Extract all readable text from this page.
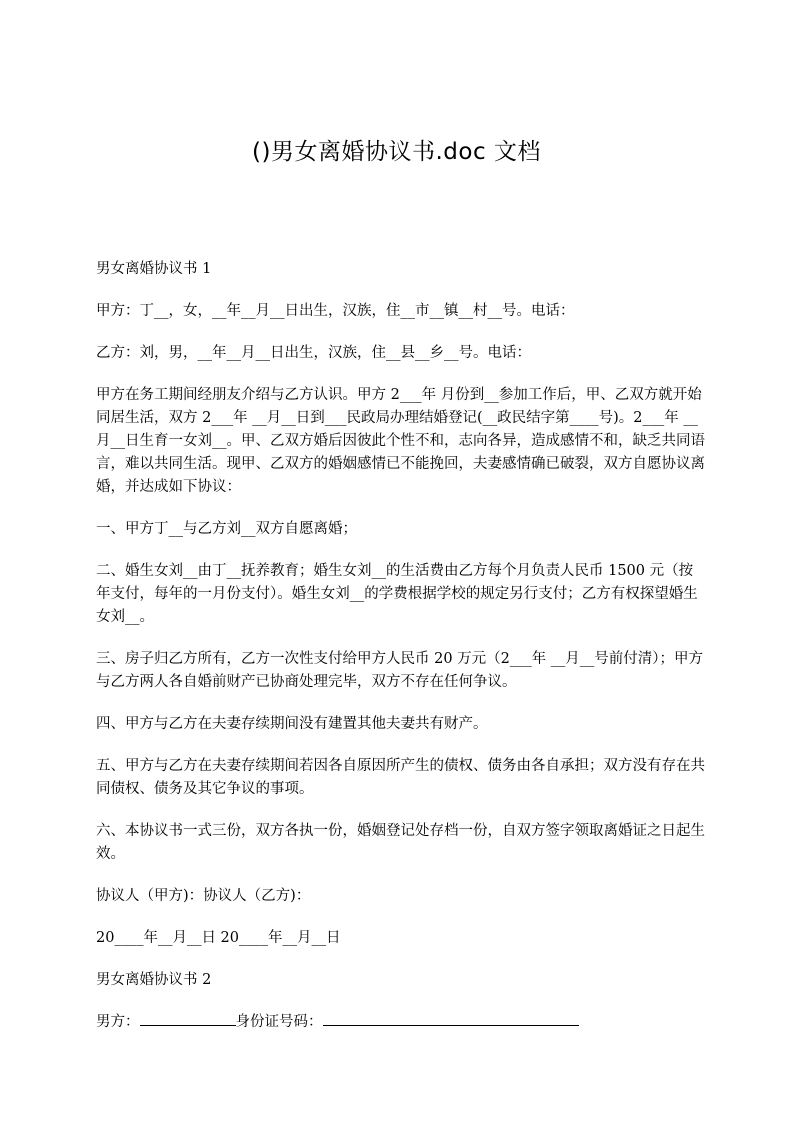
()男女离婚协议书.doc 文档

男女离婚协议书 1

甲方：丁__，女，__年__月__日出生，汉族，住__市__镇__村__号。电话：

乙方：刘，男，__年__月__日出生，汉族，住__县__乡__号。电话：

甲方在务工期间经朋友介绍与乙方认识。甲方 2___年 月份到__参加工作后，甲、乙双方就开始同居生活，双方 2___年 __月__日到___民政局办理结婚登记(__政民结字第____号)。2___年 __月__日生育一女刘__。甲、乙双方婚后因彼此个性不和，志向各异，造成感情不和，缺乏共同语言，难以共同生活。现甲、乙双方的婚姻感情已不能挽回，夫妻感情确已破裂，双方自愿协议离婚，并达成如下协议：

一、甲方丁__与乙方刘__双方自愿离婚；

二、婚生女刘__由丁__抚养教育；婚生女刘__的生活费由乙方每个月负责人民币 1500 元（按年支付，每年的一月份支付）。婚生女刘__的学费根据学校的规定另行支付；乙方有权探望婚生女刘__。

三、房子归乙方所有，乙方一次性支付给甲方人民币 20 万元（2___年 __月__号前付清）；甲方与乙方两人各自婚前财产已协商处理完毕，双方不存在任何争议。

四、甲方与乙方在夫妻存续期间没有建置其他夫妻共有财产。

五、甲方与乙方在夫妻存续期间若因各自原因所产生的债权、债务由各自承担；双方没有存在共同债权、债务及其它争议的事项。

六、本协议书一式三份，双方各执一份，婚姻登记处存档一份，自双方签字领取离婚证之日起生效。

协议人（甲方)：协议人（乙方)：

20____年__月__日 20____年__月__日

男女离婚协议书 2

男方：	身份证号码：
